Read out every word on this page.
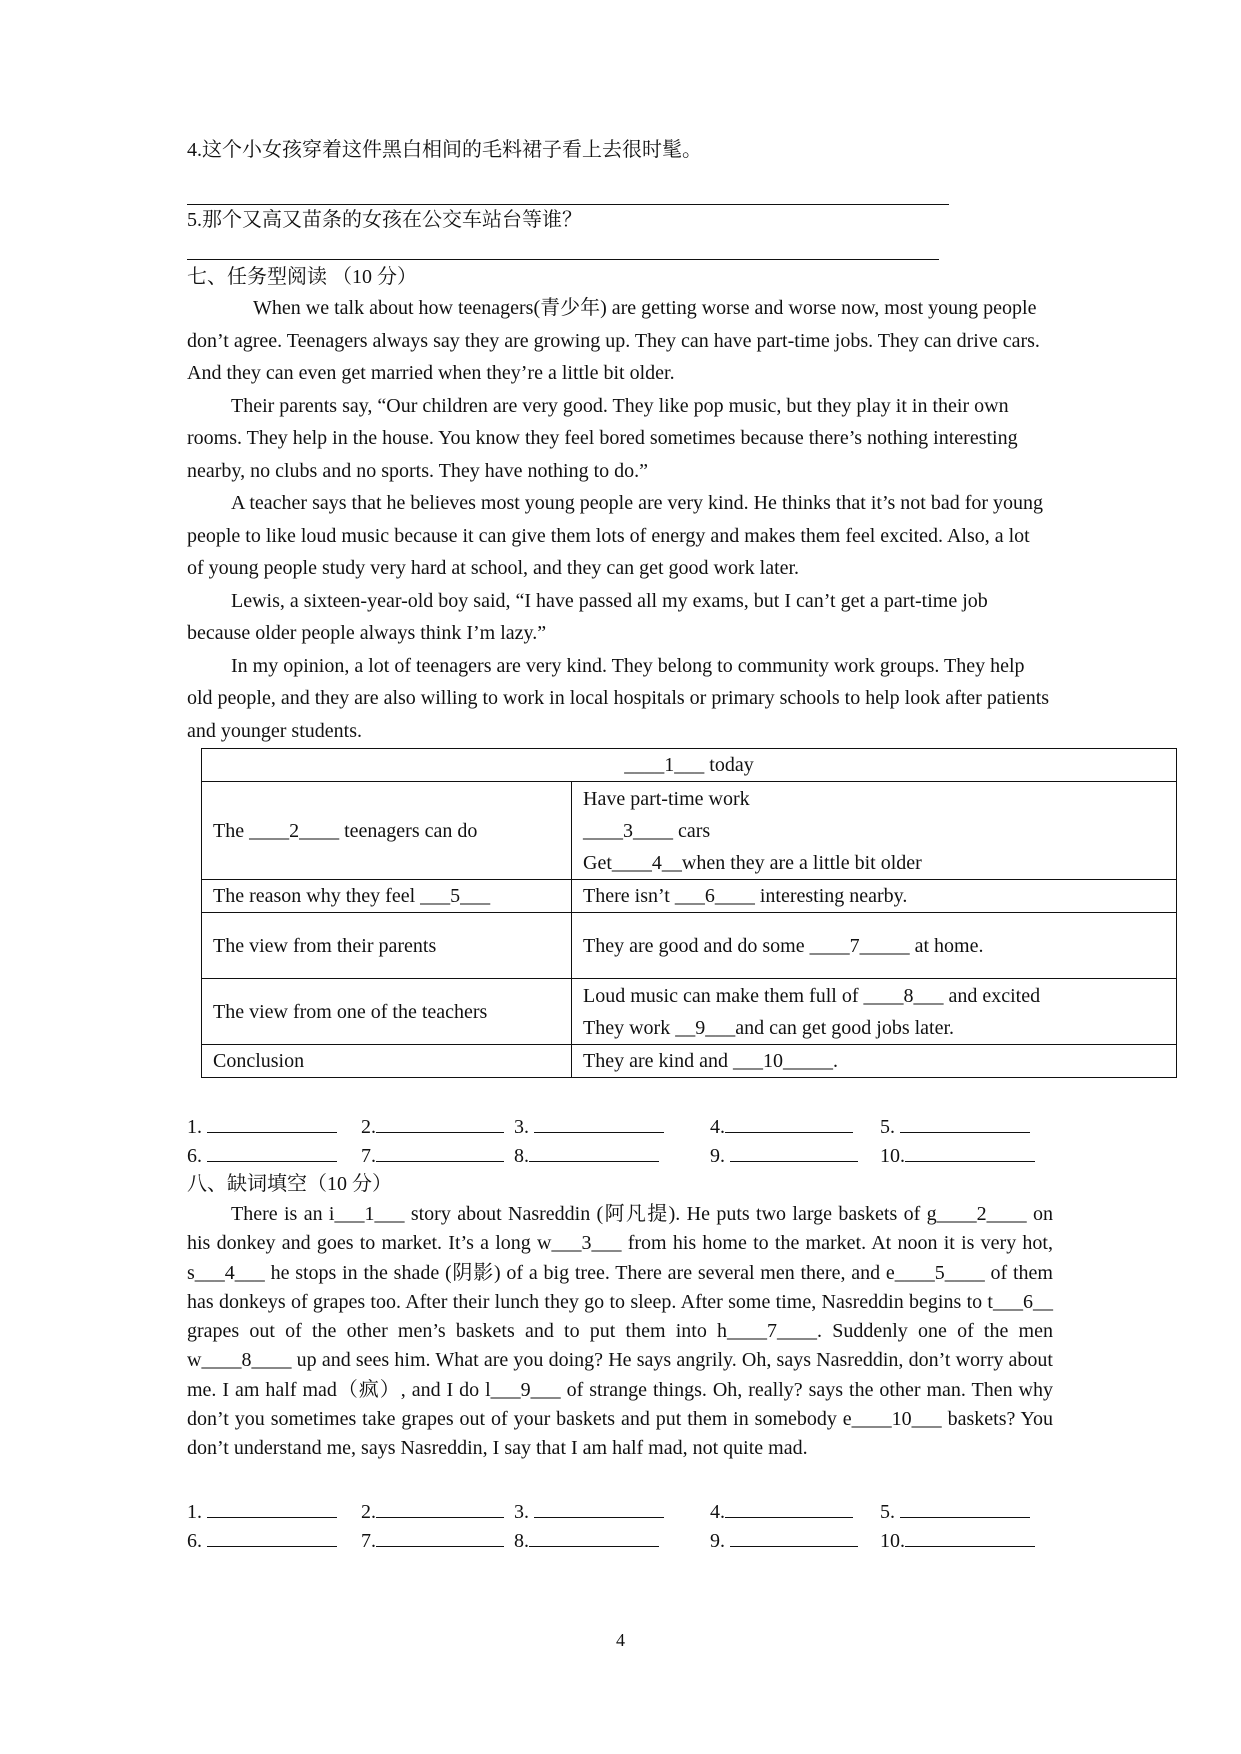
4.这个小女孩穿着这件黑白相间的毛料裙子看上去很时髦。
5.那个又高又苗条的女孩在公交车站台等谁？
七、任务型阅读 （10 分）

When we talk about how teenagers(青少年) are getting worse and worse now, most young people don’t agree. Teenagers always say they are growing up. They can have part-time jobs. They can drive cars. And they can even get married when they’re a little bit older.

Their parents say, “Our children are very good. They like pop music, but they play it in their own rooms. They help in the house. You know they feel bored sometimes because there’s nothing interesting nearby, no clubs and no sports. They have nothing to do.”

A teacher says that he believes most young people are very kind. He thinks that it’s not bad for young people to like loud music because it can give them lots of energy and makes them feel excited. Also, a lot of young people study very hard at school, and they can get good work later.

Lewis, a sixteen-year-old boy said, “I have passed all my exams, but I can’t get a part-time job because older people always think I’m lazy.”

In my opinion, a lot of teenagers are very kind. They belong to community work groups. They help old people, and they are also willing to work in local hospitals or primary schools to help look after patients and younger students.

____1___ today	
The ____2____ teenagers can do	Have part-time work
____3____ cars
Get____4__when they are a little bit older

The reason why they feel ___5___	There isn’t ___6____ interesting nearby.

The view from their parents	They are good and do some ____7_____ at home.

The view from one of the teachers	Loud music can make them full of ____8___ and excited
They work __9___and can get good jobs later.

Conclusion	They are kind and ___10_____.
1.	2.	3.	4.	5.
6.	7.	8.	9.	10.
八、缺词填空（10 分）

There is an i___1___ story about Nasreddin (阿凡提). He puts two large baskets of g____2____ on his donkey and goes to market. It’s a long w___3___ from his home to the market. At noon it is very hot, s___4___ he stops in the shade (阴影) of a big tree. There are several men there, and e____5____ of them has donkeys of grapes too. After their lunch they go to sleep. After some time, Nasreddin begins to t___6__ grapes out of the other men’s baskets and to put them into h____7____. Suddenly one of the men w____8____ up and sees him. What are you doing? He says angrily. Oh, says Nasreddin, don’t worry about me. I am half mad（疯）, and I do l___9___ of strange things. Oh, really? says the other man. Then why don’t you sometimes take grapes out of your baskets and put them in somebody e____10___ baskets? You don’t understand me, says Nasreddin, I say that I am half mad, not quite mad.

1.	2.	3.	4.	5.
6.	7.	8.	9.	10.
4
